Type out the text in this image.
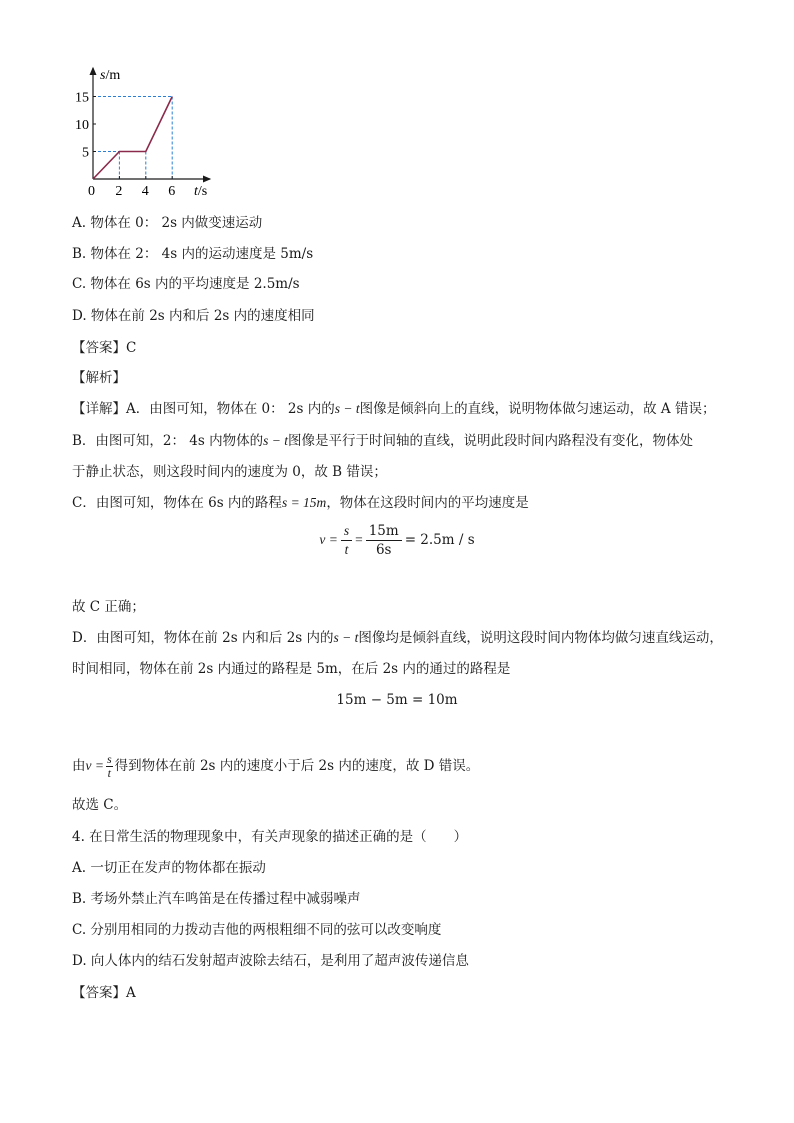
2 4 6
5
10
15
s/m
t/s
0
A. 物体在 0： 2s 内做变速运动
B. 物体在 2： 4s 内的运动速度是 5m/s
C. 物体在 6s 内的平均速度是 2.5m/s
D. 物体在前 2s 内和后 2s 内的速度相同
【答案】C
【解析】
【详解】A．由图可知，物体在 0： 2s 内的s − t图像是倾斜向上的直线，说明物体做匀速运动，故 A 错误；
B．由图可知，2： 4s 内物体的s − t图像是平行于时间轴的直线，说明此段时间内路程没有变化，物体处
于静止状态，则这段时间内的速度为 0，故 B 错误；
C．由图可知，物体在 6s 内的路程s = 15m，物体在这段时间内的平均速度是
$v = \frac{s}{t} = \frac{15m}{6s} = 2.5m / s$
故 C 正确；
D．由图可知，物体在前 2s 内和后 2s 内的s − t图像均是倾斜直线，说明这段时间内物体均做匀速直线运动，
时间相同，物体在前 2s 内通过的路程是 5m，在后 2s 内的通过的路程是
15m − 5m = 10m
由$v = \frac{s}{t}$ 得到物体在前 2s 内的速度小于后 2s 内的速度，故 D 错误。
故选 C。
4. 在日常生活的物理现象中，有关声现象的描述正确的是（　　）
A. 一切正在发声的物体都在振动
B. 考场外禁止汽车鸣笛是在传播过程中减弱噪声
C. 分别用相同的力拨动吉他的两根粗细不同的弦可以改变响度
D. 向人体内的结石发射超声波除去结石，是利用了超声波传递信息
【答案】A
